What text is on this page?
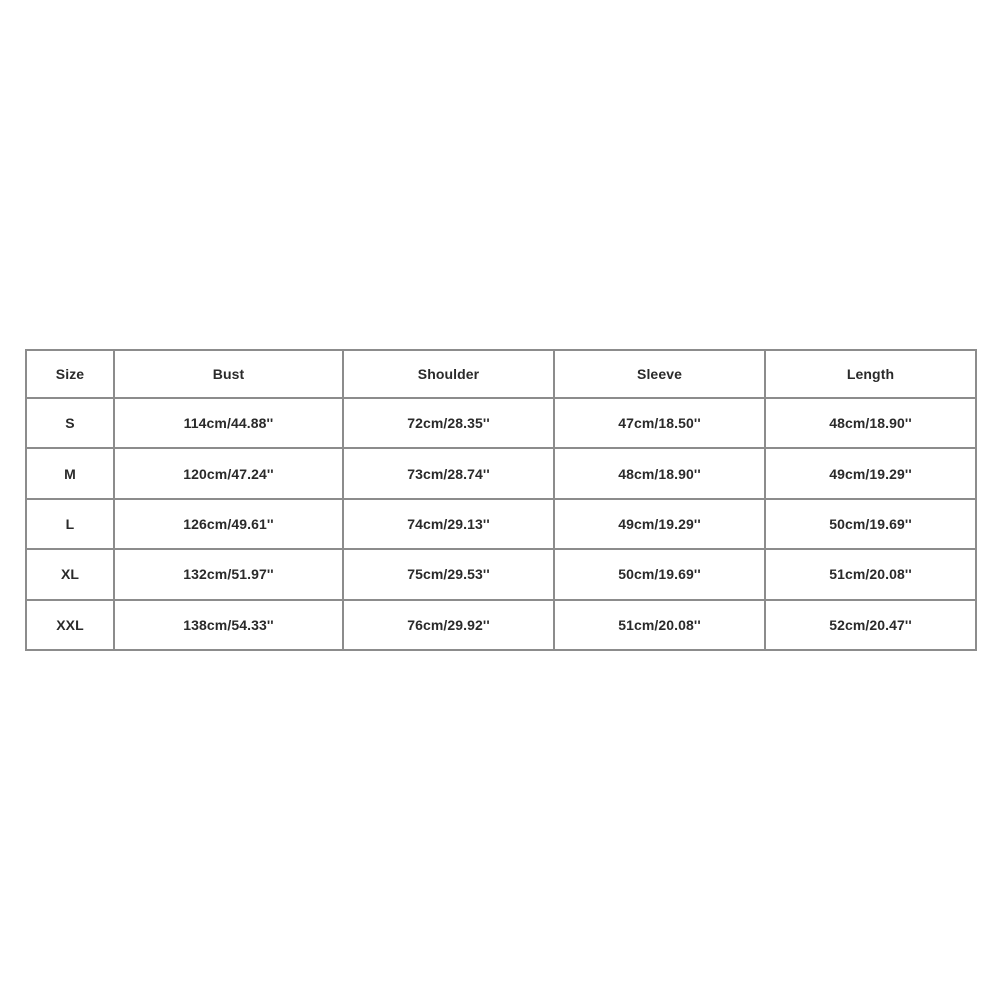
Size	Bust	Shoulder	Sleeve	Length
S	114cm/44.88''	72cm/28.35''	47cm/18.50''	48cm/18.90''
M	120cm/47.24''	73cm/28.74''	48cm/18.90''	49cm/19.29''
L	126cm/49.61''	74cm/29.13''	49cm/19.29''	50cm/19.69''
XL	132cm/51.97''	75cm/29.53''	50cm/19.69''	51cm/20.08''
XXL	138cm/54.33''	76cm/29.92''	51cm/20.08''	52cm/20.47''
